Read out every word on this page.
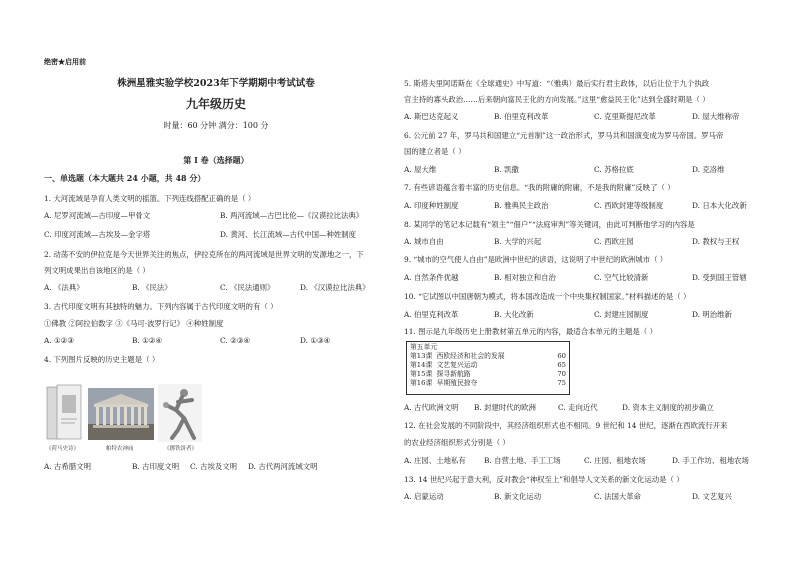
绝密★启用前
株洲星雅实验学校2023年下学期期中考试试卷
九年级历史
时量：60 分钟 满分：100 分
第 I 卷（选择题）
一、单选题（本大题共 24 小题，共 48 分）
1. 大河流域是孕育人类文明的摇篮。下列连线搭配正确的是（ ）
A. 尼罗河流域—古印度—甲骨文	B. 两河流域—古巴比伦—《汉谟拉比法典》
C. 印度河流域—古埃及—金字塔	D. 黄河、长江流域—古代中国—种姓制度
2. 动荡不安的伊拉克是今天世界关注的焦点，伊拉克所在的两河流域是世界文明的发源地之一，下
列文明成果出自该地区的是（ ）
A. 《法典》	B. 《民法》	C. 《民法通则》	D. 《汉谟拉比法典》
3. 古代印度文明有其独特的魅力。下列内容属于古代印度文明的有（ ）
①佛教 ②阿拉伯数字 ③《马可·波罗行记》 ④种姓制度
A. ①②③	B. ①②④	C. ②③④	D. ①③④
4. 下列图片反映的历史主题是（ ）
《荷马史诗》	帕特农神庙	《掷铁饼者》
A. 古希腊文明	B. 古印度文明 C. 古埃及文明 D. 古代两河流域文明
5. 斯塔夫里阿诺斯在《全球通史》中写道：“（雅典）最后实行君主政体，以后让位于九个执政
官主持的寡头政治……后来朝向富民王化的方向发展。”这里“愈益民王化”达到全盛时期是（ ）
A. 斯巴达克起义	B. 伯里克利改革	C. 克里斯提尼改革	D. 屋大维称帝
6. 公元前 27 年，罗马共和国建立“元首制”这一政治形式，罗马共和国演变成为罗马帝国。罗马帝
国的建立者是（ ）
A. 屋大维	B. 凯撒	C. 苏格拉底	D. 克洛维
7. 有些谚语蕴含着丰富的历史信息。“我的附庸的附庸，不是我的附庸”反映了（ ）
A. 印度种姓制度	B. 雅典民主政治	C. 西欧封建等级制度	D. 日本大化改新
8. 某同学的笔记本记载有“领主”“佃户”“法庭审判”等关键词，由此可判断他学习的内容是
A. 城市自由	B. 大学的兴起	C. 西欧庄园	D. 教权与王权
9. “城市的空气使人自由”是欧洲中世纪的谚语，这说明了中世纪的欧洲城市（ ）
A. 自然条件优越	B. 相对独立和自治	C. 空气比较清新	D. 受到国王管辖
10. “它试图以中国唐朝为模式，将本国改造成一个中央集权制国家。”材料描述的是（ ）
A. 伯里克利改革	B. 大化改新	C. 封建庄园制度	D. 明治维新
11. 图示是九年级历史上册教材第五单元的内容，最适合本单元的主题是（ ）
第五单元
第13课 西欧经济和社会的发展	60
第14课 文艺复兴运动	65
第15课 探寻新航路	70
第16课 早期殖民掠夺	75
A. 古代欧洲文明 B. 封建时代的欧洲	C. 走向近代	D. 资本主义制度的初步确立
12. 在社会发展的不同阶段中，其经济组织形式也不相同。9 世纪和 14 世纪，逐渐在西欧流行开来
的农业经济组织形式分别是（ ）
A. 庄园、土地私有 B. 自营土地、手工工场	C. 庄园、租地农场	D. 手工作坊、租地农场
13. 14 世纪兴起于意大利，反对教会“神权至上”和倡导人文关系的新文化运动是（ ）
A. 启蒙运动	B. 新文化运动	C. 法国大革命	D. 文艺复兴
